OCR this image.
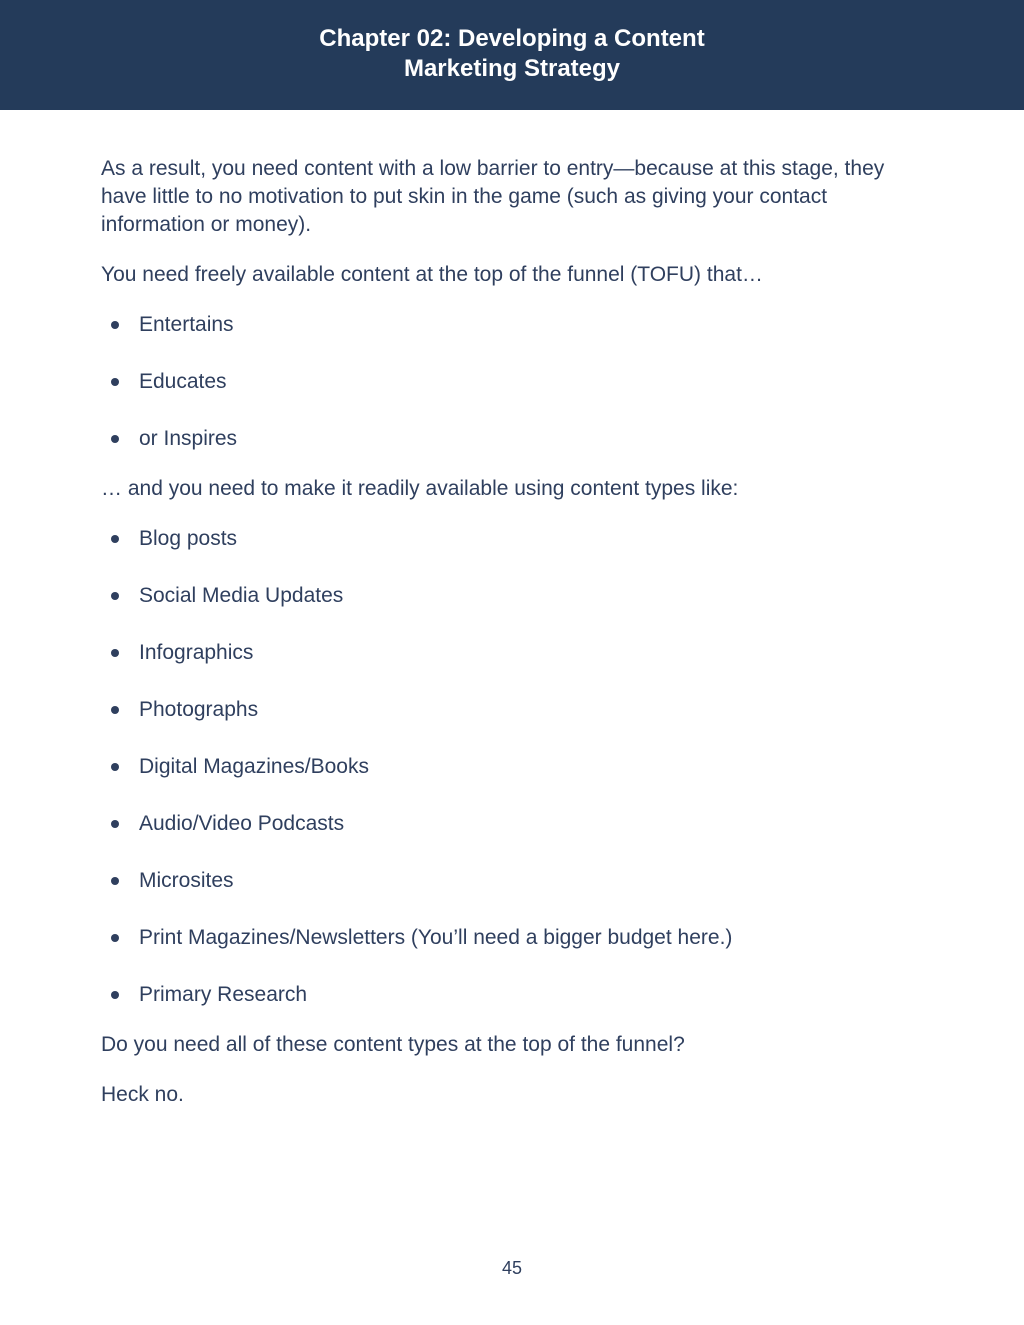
Chapter 02: Developing a Content
Marketing Strategy

As a result, you need content with a low barrier to entry—because at this stage, they have little to no motivation to put skin in the game (such as giving your contact information or money).

You need freely available content at the top of the funnel (TOFU) that…

Entertains
Educates
or Inspires

… and you need to make it readily available using content types like:

Blog posts
Social Media Updates
Infographics
Photographs
Digital Magazines/Books
Audio/Video Podcasts
Microsites
Print Magazines/Newsletters (You’ll need a bigger budget here.)
Primary Research

Do you need all of these content types at the top of the funnel?

Heck no.

45
